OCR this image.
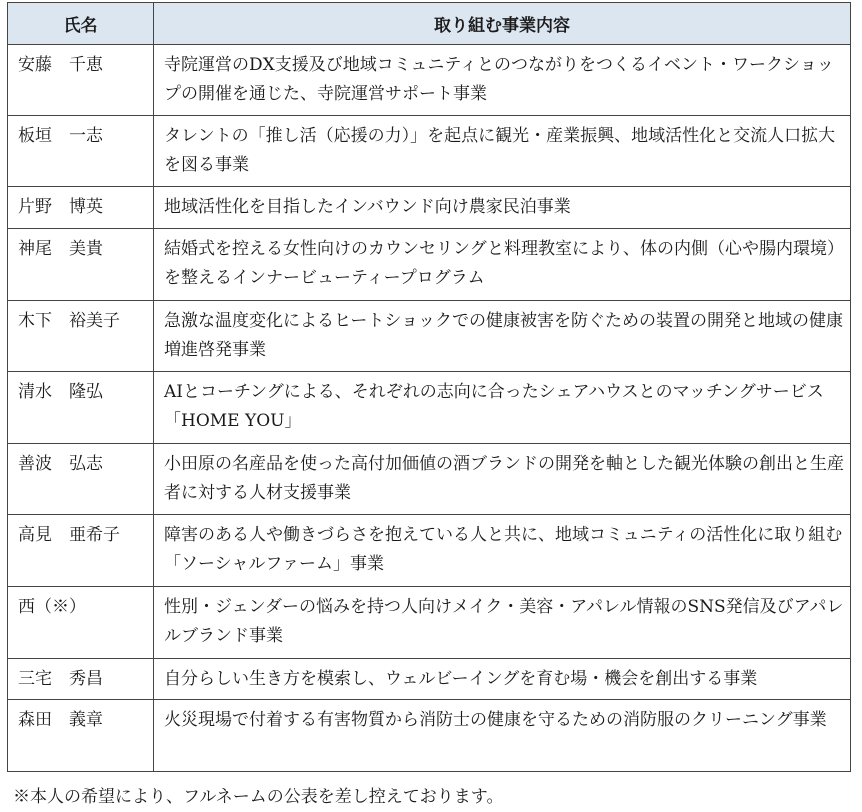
氏名	取り組む事業内容
安藤　千恵	寺院運営のDX支援及び地域コミュニティとのつながりをつくるイベント・ワークショップの開催を通じた、寺院運営サポート事業
板垣　一志	タレントの「推し活（応援の力）」を起点に観光・産業振興、地域活性化と交流人口拡大を図る事業
片野　博英	地域活性化を目指したインバウンド向け農家民泊事業
神尾　美貴	結婚式を控える女性向けのカウンセリングと料理教室により、体の内側（心や腸内環境）を整えるインナービューティープログラム
木下　裕美子	急激な温度変化によるヒートショックでの健康被害を防ぐための装置の開発と地域の健康増進啓発事業
清水　隆弘	AIとコーチングによる、それぞれの志向に合ったシェアハウスとのマッチングサービス「HOME YOU」
善波　弘志	小田原の名産品を使った高付加価値の酒ブランドの開発を軸とした観光体験の創出と生産者に対する人材支援事業
高見　亜希子	障害のある人や働きづらさを抱えている人と共に、地域コミュニティの活性化に取り組む「ソーシャルファーム」事業
西（※）	性別・ジェンダーの悩みを持つ人向けメイク・美容・アパレル情報のSNS発信及びアパレルブランド事業
三宅　秀昌	自分らしい生き方を模索し、ウェルビーイングを育む場・機会を創出する事業
森田　義章	火災現場で付着する有害物質から消防士の健康を守るための消防服のクリーニング事業
※本人の希望により、フルネームの公表を差し控えております。
